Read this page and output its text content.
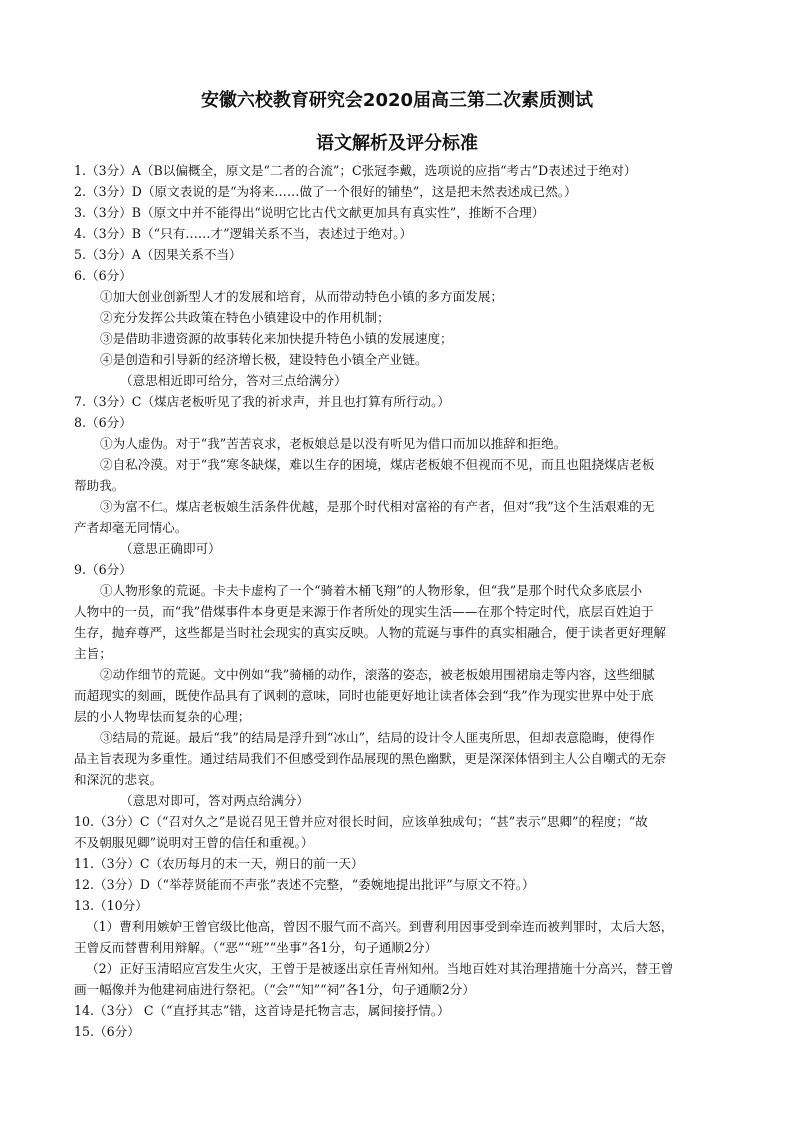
安徽六校教育研究会2020届高三第二次素质测试
语文解析及评分标准
1.（3分）A（B以偏概全，原文是“二者的合流”；C张冠李戴，选项说的应指“考古”D表述过于绝对）
2.（3分）D（原文表说的是“为将来……做了一个很好的铺垫”，这是把未然表述成已然。）
3.（3分）B（原文中并不能得出“说明它比古代文献更加具有真实性”，推断不合理）
4.（3分）B（“只有……才”逻辑关系不当，表述过于绝对。）
5.（3分）A（因果关系不当）
6.（6分）
①加大创业创新型人才的发展和培育，从而带动特色小镇的多方面发展；
②充分发挥公共政策在特色小镇建设中的作用机制；
③是借助非遗资源的故事转化来加快提升特色小镇的发展速度；
④是创造和引导新的经济增长极，建设特色小镇全产业链。
（意思相近即可给分，答对三点给满分）
7.（3分）C（煤店老板听见了我的祈求声，并且也打算有所行动。）
8.（6分）
①为人虚伪。对于“我”苦苦哀求，老板娘总是以没有听见为借口而加以推辞和拒绝。
②自私冷漠。对于“我”寒冬缺煤，难以生存的困境，煤店老板娘不但视而不见，而且也阻挠煤店老板
帮助我。
③为富不仁。煤店老板娘生活条件优越，是那个时代相对富裕的有产者，但对“我”这个生活艰难的无
产者却毫无同情心。
（意思正确即可）
9.（6分）
①人物形象的荒诞。卡夫卡虚构了一个“骑着木桶飞翔”的人物形象，但“我”是那个时代众多底层小
人物中的一员，而“我”借煤事件本身更是来源于作者所处的现实生活——在那个特定时代，底层百姓迫于
生存，抛弃尊严，这些都是当时社会现实的真实反映。人物的荒诞与事件的真实相融合，便于读者更好理解
主旨；
②动作细节的荒诞。文中例如“我”骑桶的动作，滚落的姿态，被老板娘用围裙扇走等内容，这些细腻
而超现实的刻画，既使作品具有了讽刺的意味，同时也能更好地让读者体会到“我”作为现实世界中处于底
层的小人物卑怯而复杂的心理；
③结局的荒诞。最后“我”的结局是浮升到“冰山”，结局的设计令人匪夷所思，但却表意隐晦，使得作
品主旨表现为多重性。通过结局我们不但感受到作品展现的黑色幽默，更是深深体悟到主人公自嘲式的无奈
和深沉的悲哀。
（意思对即可，答对两点给满分）
10.（3分）C（“召对久之”是说召见王曾并应对很长时间，应该单独成句；“甚”表示“思卿”的程度；“故
不及朝服见卿”说明对王曾的信任和重视。）
11.（3分）C（农历每月的末一天，朔日的前一天）
12.（3分）D（“举荐贤能而不声张”表述不完整，“委婉地提出批评”与原文不符。）
13.（10分）
（1）曹利用嫉妒王曾官级比他高，曾因不服气而不高兴。到曹利用因事受到牵连而被判罪时，太后大怒，
王曾反而替曹利用辩解。（“恶”“班”“坐事”各1分，句子通顺2分）
（2）正好玉清昭应宫发生火灾，王曾于是被逐出京任青州知州。当地百姓对其治理措施十分高兴，替王曾
画一幅像并为他建祠庙进行祭祀。（“会”“知”“祠”各1分，句子通顺2分）
14.（3分） C（“直抒其志”错，这首诗是托物言志，属间接抒情。）
15.（6分）
